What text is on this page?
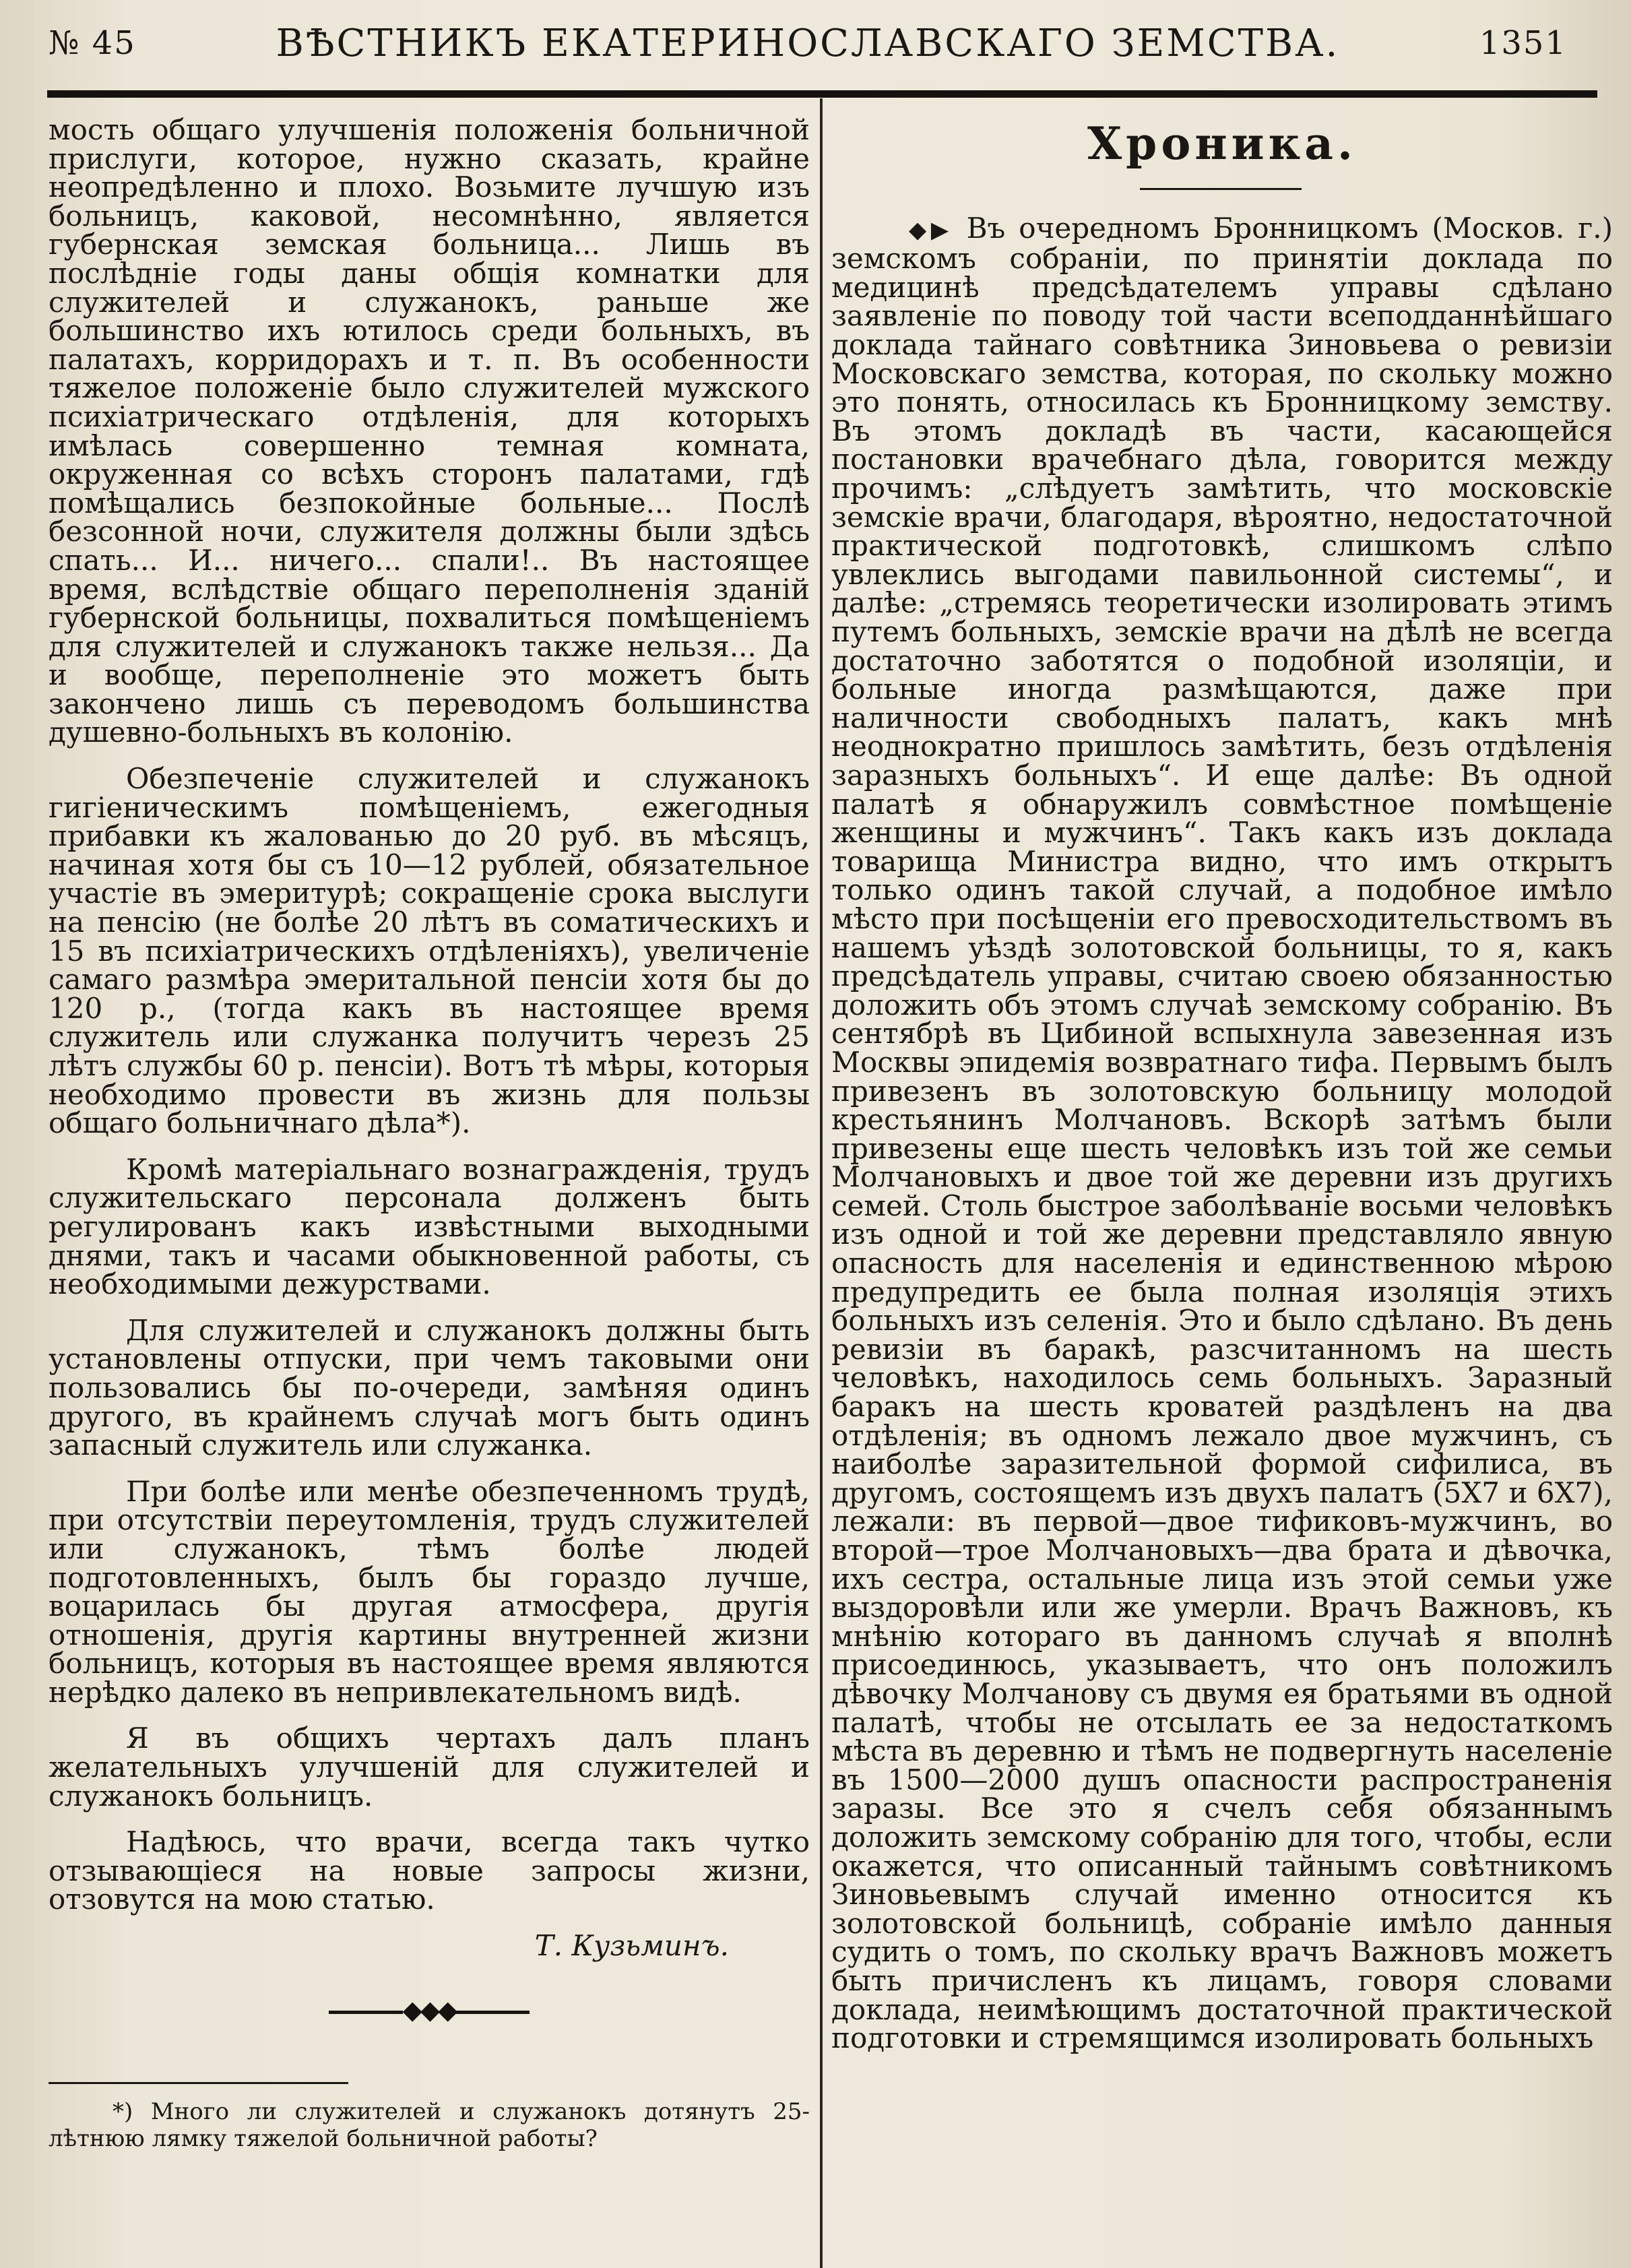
№ 45	ВѢСТНИКЪ ЕКАТЕРИНОСЛАВСКАГО ЗЕМСТВА.	1351

мость общаго улучшенія положенія больничной прислуги, которое, нужно сказать, крайне неопредѣленно и плохо. Возьмите лучшую изъ больницъ, каковой, несомнѣнно, является губернская земская больница... Лишь въ послѣдніе годы даны общія комнатки для служителей и служанокъ, раньше же большинство ихъ ютилось среди больныхъ, въ палатахъ, корридорахъ и т. п. Въ особенности тяжелое положеніе было служителей мужского психіатрическаго отдѣленія, для которыхъ имѣлась совершенно темная комната, окруженная со всѣхъ сторонъ палатами, гдѣ помѣщались безпокойные больные... Послѣ безсонной ночи, служителя должны были здѣсь спать... И... ничего... спали!.. Въ настоящее время, вслѣдствіе общаго переполненія зданій губернской больницы, похвалиться помѣщеніемъ для служителей и служанокъ также нельзя... Да и вообще, переполненіе это можетъ быть закончено лишь съ переводомъ большинства душевно-больныхъ въ колонію.

Обезпеченіе служителей и служанокъ гигіеническимъ помѣщеніемъ, ежегодныя прибавки къ жалованью до 20 руб. въ мѣсяцъ, начиная хотя бы съ 10—12 рублей, обязательное участіе въ эмеритурѣ; сокращеніе срока выслуги на пенсію (не болѣе 20 лѣтъ въ соматическихъ и 15 въ психіатрическихъ отдѣленіяхъ), увеличеніе самаго размѣра эмеритальной пенсіи хотя бы до 120 р., (тогда какъ въ настоящее время служитель или служанка получитъ черезъ 25 лѣтъ службы 60 р. пенсіи). Вотъ тѣ мѣры, которыя необходимо провести въ жизнь для пользы общаго больничнаго дѣла*).

Кромѣ матеріальнаго вознагражденія, трудъ служительскаго персонала долженъ быть регулированъ какъ извѣстными выходными днями, такъ и часами обыкновенной работы, съ необходимыми дежурствами.

Для служителей и служанокъ должны быть установлены отпуски, при чемъ таковыми они пользовались бы по-очереди, замѣняя одинъ другого, въ крайнемъ случаѣ могъ быть одинъ запасный служитель или служанка.

При болѣе или менѣе обезпеченномъ трудѣ, при отсутствіи переутомленія, трудъ служителей или служанокъ, тѣмъ болѣе людей подготовленныхъ, былъ бы гораздо лучше, воцарилась бы другая атмосфера, другія отношенія, другія картины внутренней жизни больницъ, которыя въ настоящее время являются нерѣдко далеко въ непривлекательномъ видѣ.

Я въ общихъ чертахъ далъ планъ желательныхъ улучшеній для служителей и служанокъ больницъ.

Надѣюсь, что врачи, всегда такъ чутко отзывающіеся на новые запросы жизни, отзовутся на мою статью.

Т. Кузьминъ.
◆◆◆
*) Много ли служителей и служанокъ дотянутъ 25-лѣтнюю лямку тяжелой больничной работы?
Хроника.

◆▶ Въ очередномъ Бронницкомъ (Москов. г.) земскомъ собраніи, по принятіи доклада по медицинѣ предсѣдателемъ управы сдѣлано заявленіе по поводу той части всеподданнѣйшаго доклада тайнаго совѣтника Зиновьева о ревизіи Московскаго земства, которая, по скольку можно это понять, относилась къ Бронницкому земству. Въ этомъ докладѣ въ части, касающейся постановки врачебнаго дѣла, говорится между прочимъ: „слѣдуетъ замѣтить, что московскіе земскіе врачи, благодаря, вѣроятно, недостаточной практической подготовкѣ, слишкомъ слѣпо увлеклись выгодами павильонной системы“, и далѣе: „стремясь теоретически изолировать этимъ путемъ больныхъ, земскіе врачи на дѣлѣ не всегда достаточно заботятся о подобной изоляціи, и больные иногда размѣщаются, даже при наличности свободныхъ палатъ, какъ мнѣ неоднократно пришлось замѣтить, безъ отдѣленія заразныхъ больныхъ“. И еще далѣе: Въ одной палатѣ я обнаружилъ совмѣстное помѣщеніе женщины и мужчинъ“. Такъ какъ изъ доклада товарища Министра видно, что имъ открытъ только одинъ такой случай, а подобное имѣло мѣсто при посѣщеніи его превосходительствомъ въ нашемъ уѣздѣ золотовской больницы, то я, какъ предсѣдатель управы, считаю своею обязанностью доложить объ этомъ случаѣ земскому собранію. Въ сентябрѣ въ Цибиной вспыхнула завезенная изъ Москвы эпидемія возвратнаго тифа. Первымъ былъ привезенъ въ золотовскую больницу молодой крестьянинъ Молчановъ. Вскорѣ затѣмъ были привезены еще шесть человѣкъ изъ той же семьи Молчановыхъ и двое той же деревни изъ другихъ семей. Столь быстрое заболѣваніе восьми человѣкъ изъ одной и той же деревни представляло явную опасность для населенія и единственною мѣрою предупредить ее была полная изоляція этихъ больныхъ изъ селенія. Это и было сдѣлано. Въ день ревизіи въ баракѣ, разсчитанномъ на шесть человѣкъ, находилось семь больныхъ. Заразный баракъ на шесть кроватей раздѣленъ на два отдѣленія; въ одномъ лежало двое мужчинъ, съ наиболѣе заразительной формой сифилиса, въ другомъ, состоящемъ изъ двухъ палатъ (5Х7 и 6Х7), лежали: въ первой—двое тификовъ-мужчинъ, во второй—трое Молчановыхъ—два брата и дѣвочка, ихъ сестра, остальные лица изъ этой семьи уже выздоровѣли или же умерли. Врачъ Важновъ, къ мнѣнію котораго въ данномъ случаѣ я вполнѣ присоединюсь, указываетъ, что онъ положилъ дѣвочку Молчанову съ двумя ея братьями въ одной палатѣ, чтобы не отсылать ее за недостаткомъ мѣста въ деревню и тѣмъ не подвергнуть населеніе въ 1500—2000 душъ опасности распространенія заразы. Все это я счелъ себя обязаннымъ доложить земскому собранію для того, чтобы, если окажется, что описанный тайнымъ совѣтникомъ Зиновьевымъ случай именно относится къ золотовской больницѣ, собраніе имѣло данныя судить о томъ, по скольку врачъ Важновъ можетъ быть причисленъ къ лицамъ, говоря словами доклада, неимѣющимъ достаточной практической подготовки и стремящимся изолировать больныхъ
